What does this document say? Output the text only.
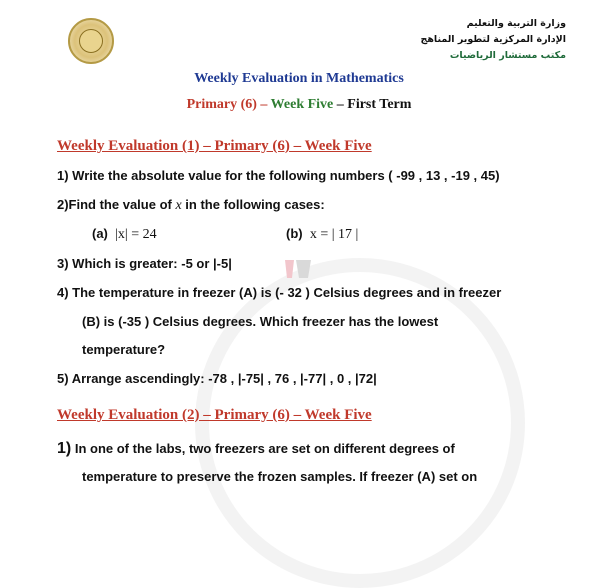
وزارة التربية والتعليم
الإدارة المركزية لتطوير المناهج
مكتب مستشار الرياضيات
Weekly Evaluation in Mathematics
Primary (6) – Week Five – First Term
Weekly Evaluation (1) – Primary (6) – Week Five
1) Write the absolute value for the following numbers ( -99 , 13 , -19 , 45)
2)Find the value of x in the following cases:
(a) |x| = 24	(b) x = | 17 |
3) Which is greater: -5 or |-5|
4) The temperature in freezer (A) is (- 32 ) Celsius degrees and in freezer
(B) is (-35 ) Celsius degrees. Which freezer has the lowest
temperature?
5) Arrange ascendingly: -78 , |-75| , 76 , |-77| , 0 , |72|
Weekly Evaluation (2) – Primary (6) – Week Five
1) In one of the labs, two freezers are set on different degrees of
temperature to preserve the frozen samples. If freezer (A) set on
